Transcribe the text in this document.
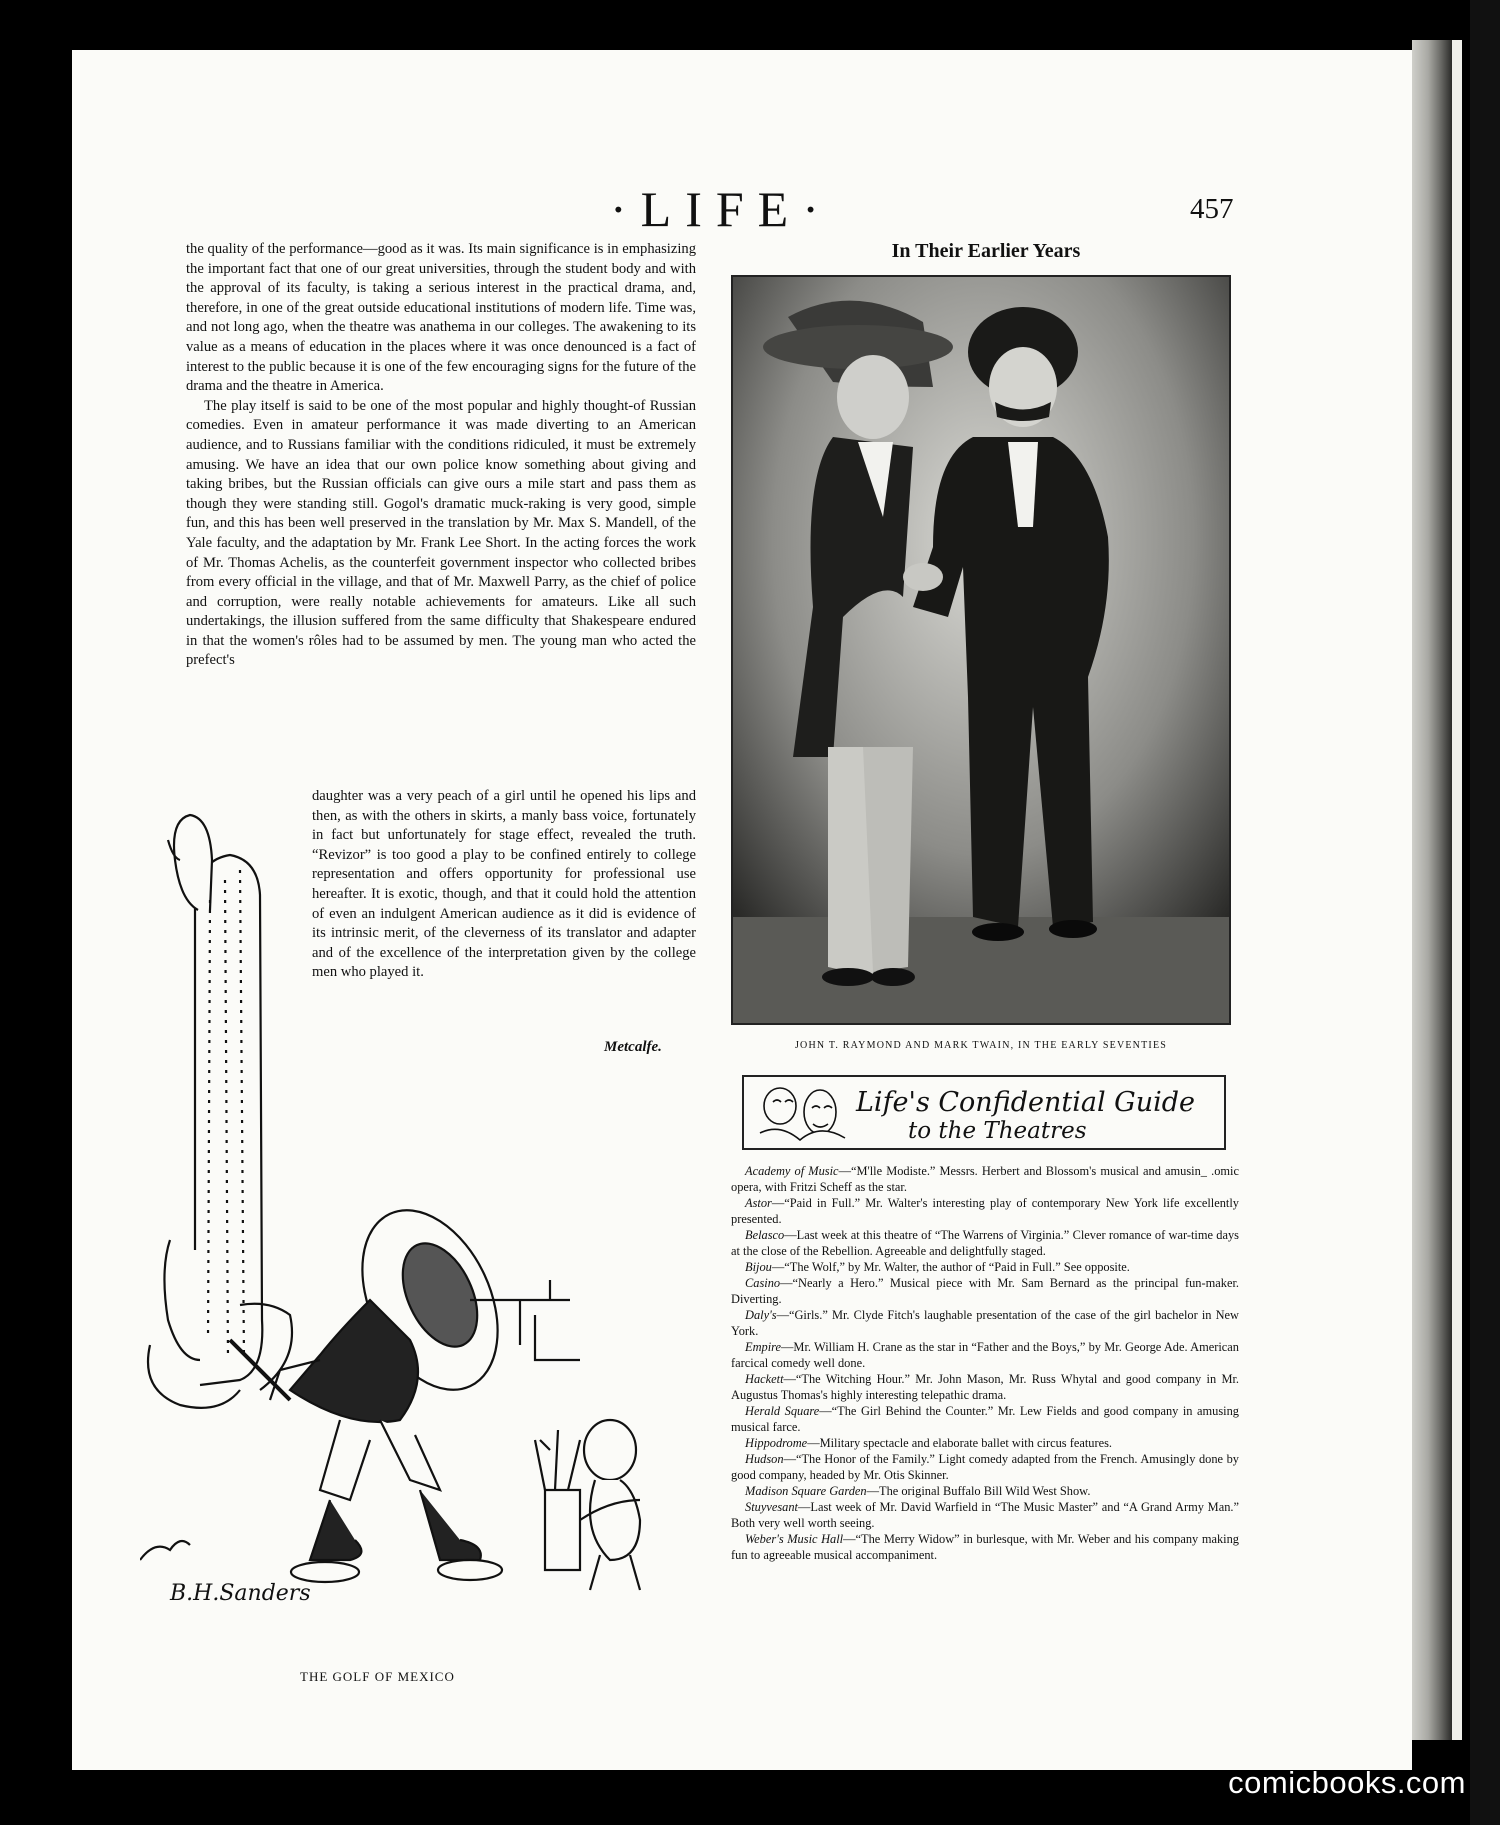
·LIFE·	457

the quality of the performance—good as it was. Its main significance is in emphasizing the important fact that one of our great universities, through the student body and with the approval of its faculty, is taking a serious interest in the practical drama, and, therefore, in one of the great outside educational institutions of modern life. Time was, and not long ago, when the theatre was anathema in our colleges. The awakening to its value as a means of education in the places where it was once denounced is a fact of interest to the public because it is one of the few encouraging signs for the future of the drama and the theatre in America.

The play itself is said to be one of the most popular and highly thought-of Russian comedies. Even in amateur performance it was made diverting to an American audience, and to Russians familiar with the conditions ridiculed, it must be extremely amusing. We have an idea that our own police know something about giving and taking bribes, but the Russian officials can give ours a mile start and pass them as though they were standing still. Gogol's dramatic muck-raking is very good, simple fun, and this has been well preserved in the translation by Mr. Max S. Mandell, of the Yale faculty, and the adaptation by Mr. Frank Lee Short. In the acting forces the work of Mr. Thomas Achelis, as the counterfeit government inspector who collected bribes from every official in the village, and that of Mr. Maxwell Parry, as the chief of police and corruption, were really notable achievements for amateurs. Like all such undertakings, the illusion suffered from the same difficulty that Shakespeare endured in that the women's rôles had to be assumed by men. The young man who acted the prefect's

daughter was a very peach of a girl until he opened his lips and then, as with the others in skirts, a manly bass voice, fortunately in fact but unfortunately for stage effect, revealed the truth. “Revizor” is too good a play to be confined entirely to college representation and offers opportunity for professional use hereafter. It is exotic, though, and that it could hold the attention of even an indulgent American audience as it did is evidence of its intrinsic merit, of the cleverness of its translator and adapter and of the excellence of the interpretation given by the college men who played it.
Metcalfe.
B.H.Sanders
THE GOLF OF MEXICO
In Their Earlier Years
JOHN T. RAYMOND AND MARK TWAIN, IN THE EARLY SEVENTIES
Life's Confidential Guide
to the Theatres

Academy of Music—“M'lle Modiste.” Messrs. Herbert and Blossom's musical and amusin_ .omic opera, with Fritzi Scheff as the star.

Astor—“Paid in Full.” Mr. Walter's interesting play of contemporary New York life excellently presented.

Belasco—Last week at this theatre of “The Warrens of Virginia.” Clever romance of war-time days at the close of the Rebellion. Agreeable and delightfully staged.

Bijou—“The Wolf,” by Mr. Walter, the author of “Paid in Full.” See opposite.

Casino—“Nearly a Hero.” Musical piece with Mr. Sam Bernard as the principal fun-maker. Diverting.

Daly's—“Girls.” Mr. Clyde Fitch's laughable presentation of the case of the girl bachelor in New York.

Empire—Mr. William H. Crane as the star in “Father and the Boys,” by Mr. George Ade. American farcical comedy well done.

Hackett—“The Witching Hour.” Mr. John Mason, Mr. Russ Whytal and good company in Mr. Augustus Thomas's highly interesting telepathic drama.

Herald Square—“The Girl Behind the Counter.” Mr. Lew Fields and good company in amusing musical farce.

Hippodrome—Military spectacle and elaborate ballet with circus features.

Hudson—“The Honor of the Family.” Light comedy adapted from the French. Amusingly done by good company, headed by Mr. Otis Skinner.

Madison Square Garden—The original Buffalo Bill Wild West Show.

Stuyvesant—Last week of Mr. David Warfield in “The Music Master” and “A Grand Army Man.” Both very well worth seeing.

Weber's Music Hall—“The Merry Widow” in burlesque, with Mr. Weber and his company making fun to agreeable musical accompaniment.

comicbooks.com
